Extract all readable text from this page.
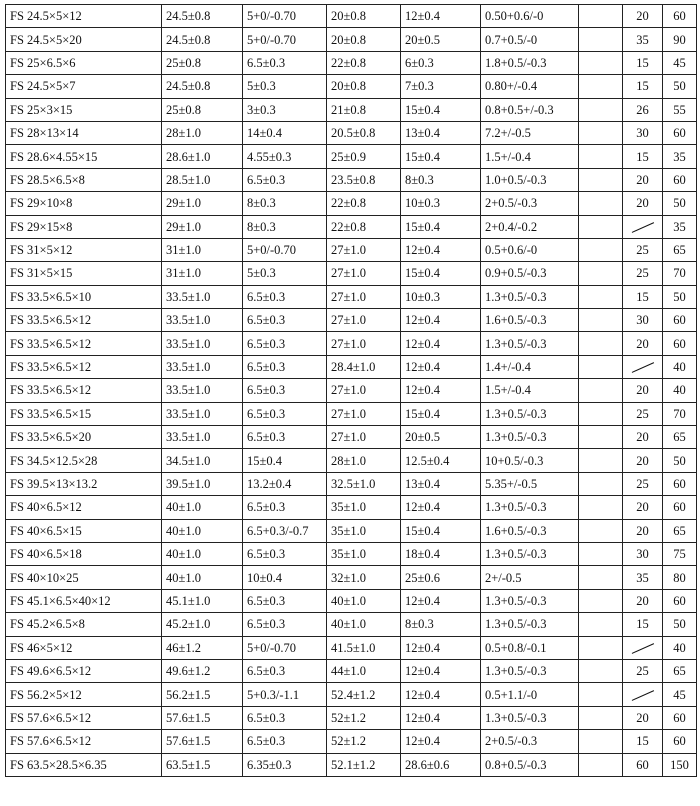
FS 24.5×5×12	24.5±0.8	5+0/-0.70	20±0.8	12±0.4	0.50+0.6/-0		20	60
FS 24.5×5×20	24.5±0.8	5+0/-0.70	20±0.8	20±0.5	0.7+0.5/-0		35	90
FS 25×6.5×6	25±0.8	6.5±0.3	22±0.8	6±0.3	1.8+0.5/-0.3		15	45
FS 24.5×5×7	24.5±0.8	5±0.3	20±0.8	7±0.3	0.80+/-0.4		15	50
FS 25×3×15	25±0.8	3±0.3	21±0.8	15±0.4	0.8+0.5+/-0.3		26	55
FS 28×13×14	28±1.0	14±0.4	20.5±0.8	13±0.4	7.2+/-0.5		30	60
FS 28.6×4.55×15	28.6±1.0	4.55±0.3	25±0.9	15±0.4	1.5+/-0.4		15	35
FS 28.5×6.5×8	28.5±1.0	6.5±0.3	23.5±0.8	8±0.3	1.0+0.5/-0.3		20	60
FS 29×10×8	29±1.0	8±0.3	22±0.8	10±0.3	2+0.5/-0.3		20	50
FS 29×15×8	29±1.0	8±0.3	22±0.8	15±0.4	2+0.4/-0.2			35
FS 31×5×12	31±1.0	5+0/-0.70	27±1.0	12±0.4	0.5+0.6/-0		25	65
FS 31×5×15	31±1.0	5±0.3	27±1.0	15±0.4	0.9+0.5/-0.3		25	70
FS 33.5×6.5×10	33.5±1.0	6.5±0.3	27±1.0	10±0.3	1.3+0.5/-0.3		15	50
FS 33.5×6.5×12	33.5±1.0	6.5±0.3	27±1.0	12±0.4	1.6+0.5/-0.3		30	60
FS 33.5×6.5×12	33.5±1.0	6.5±0.3	27±1.0	12±0.4	1.3+0.5/-0.3		20	60
FS 33.5×6.5×12	33.5±1.0	6.5±0.3	28.4±1.0	12±0.4	1.4+/-0.4			40
FS 33.5×6.5×12	33.5±1.0	6.5±0.3	27±1.0	12±0.4	1.5+/-0.4		20	40
FS 33.5×6.5×15	33.5±1.0	6.5±0.3	27±1.0	15±0.4	1.3+0.5/-0.3		25	70
FS 33.5×6.5×20	33.5±1.0	6.5±0.3	27±1.0	20±0.5	1.3+0.5/-0.3		20	65
FS 34.5×12.5×28	34.5±1.0	15±0.4	28±1.0	12.5±0.4	10+0.5/-0.3		20	50
FS 39.5×13×13.2	39.5±1.0	13.2±0.4	32.5±1.0	13±0.4	5.35+/-0.5		25	60
FS 40×6.5×12	40±1.0	6.5±0.3	35±1.0	12±0.4	1.3+0.5/-0.3		20	60
FS 40×6.5×15	40±1.0	6.5+0.3/-0.7	35±1.0	15±0.4	1.6+0.5/-0.3		20	65
FS 40×6.5×18	40±1.0	6.5±0.3	35±1.0	18±0.4	1.3+0.5/-0.3		30	75
FS 40×10×25	40±1.0	10±0.4	32±1.0	25±0.6	2+/-0.5		35	80
FS 45.1×6.5×40×12	45.1±1.0	6.5±0.3	40±1.0	12±0.4	1.3+0.5/-0.3		20	60
FS 45.2×6.5×8	45.2±1.0	6.5±0.3	40±1.0	8±0.3	1.3+0.5/-0.3		15	50
FS 46×5×12	46±1.2	5+0/-0.70	41.5±1.0	12±0.4	0.5+0.8/-0.1			40
FS 49.6×6.5×12	49.6±1.2	6.5±0.3	44±1.0	12±0.4	1.3+0.5/-0.3		25	65
FS 56.2×5×12	56.2±1.5	5+0.3/-1.1	52.4±1.2	12±0.4	0.5+1.1/-0			45
FS 57.6×6.5×12	57.6±1.5	6.5±0.3	52±1.2	12±0.4	1.3+0.5/-0.3		20	60
FS 57.6×6.5×12	57.6±1.5	6.5±0.3	52±1.2	12±0.4	2+0.5/-0.3		15	60
FS 63.5×28.5×6.35	63.5±1.5	6.35±0.3	52.1±1.2	28.6±0.6	0.8+0.5/-0.3		60	150
